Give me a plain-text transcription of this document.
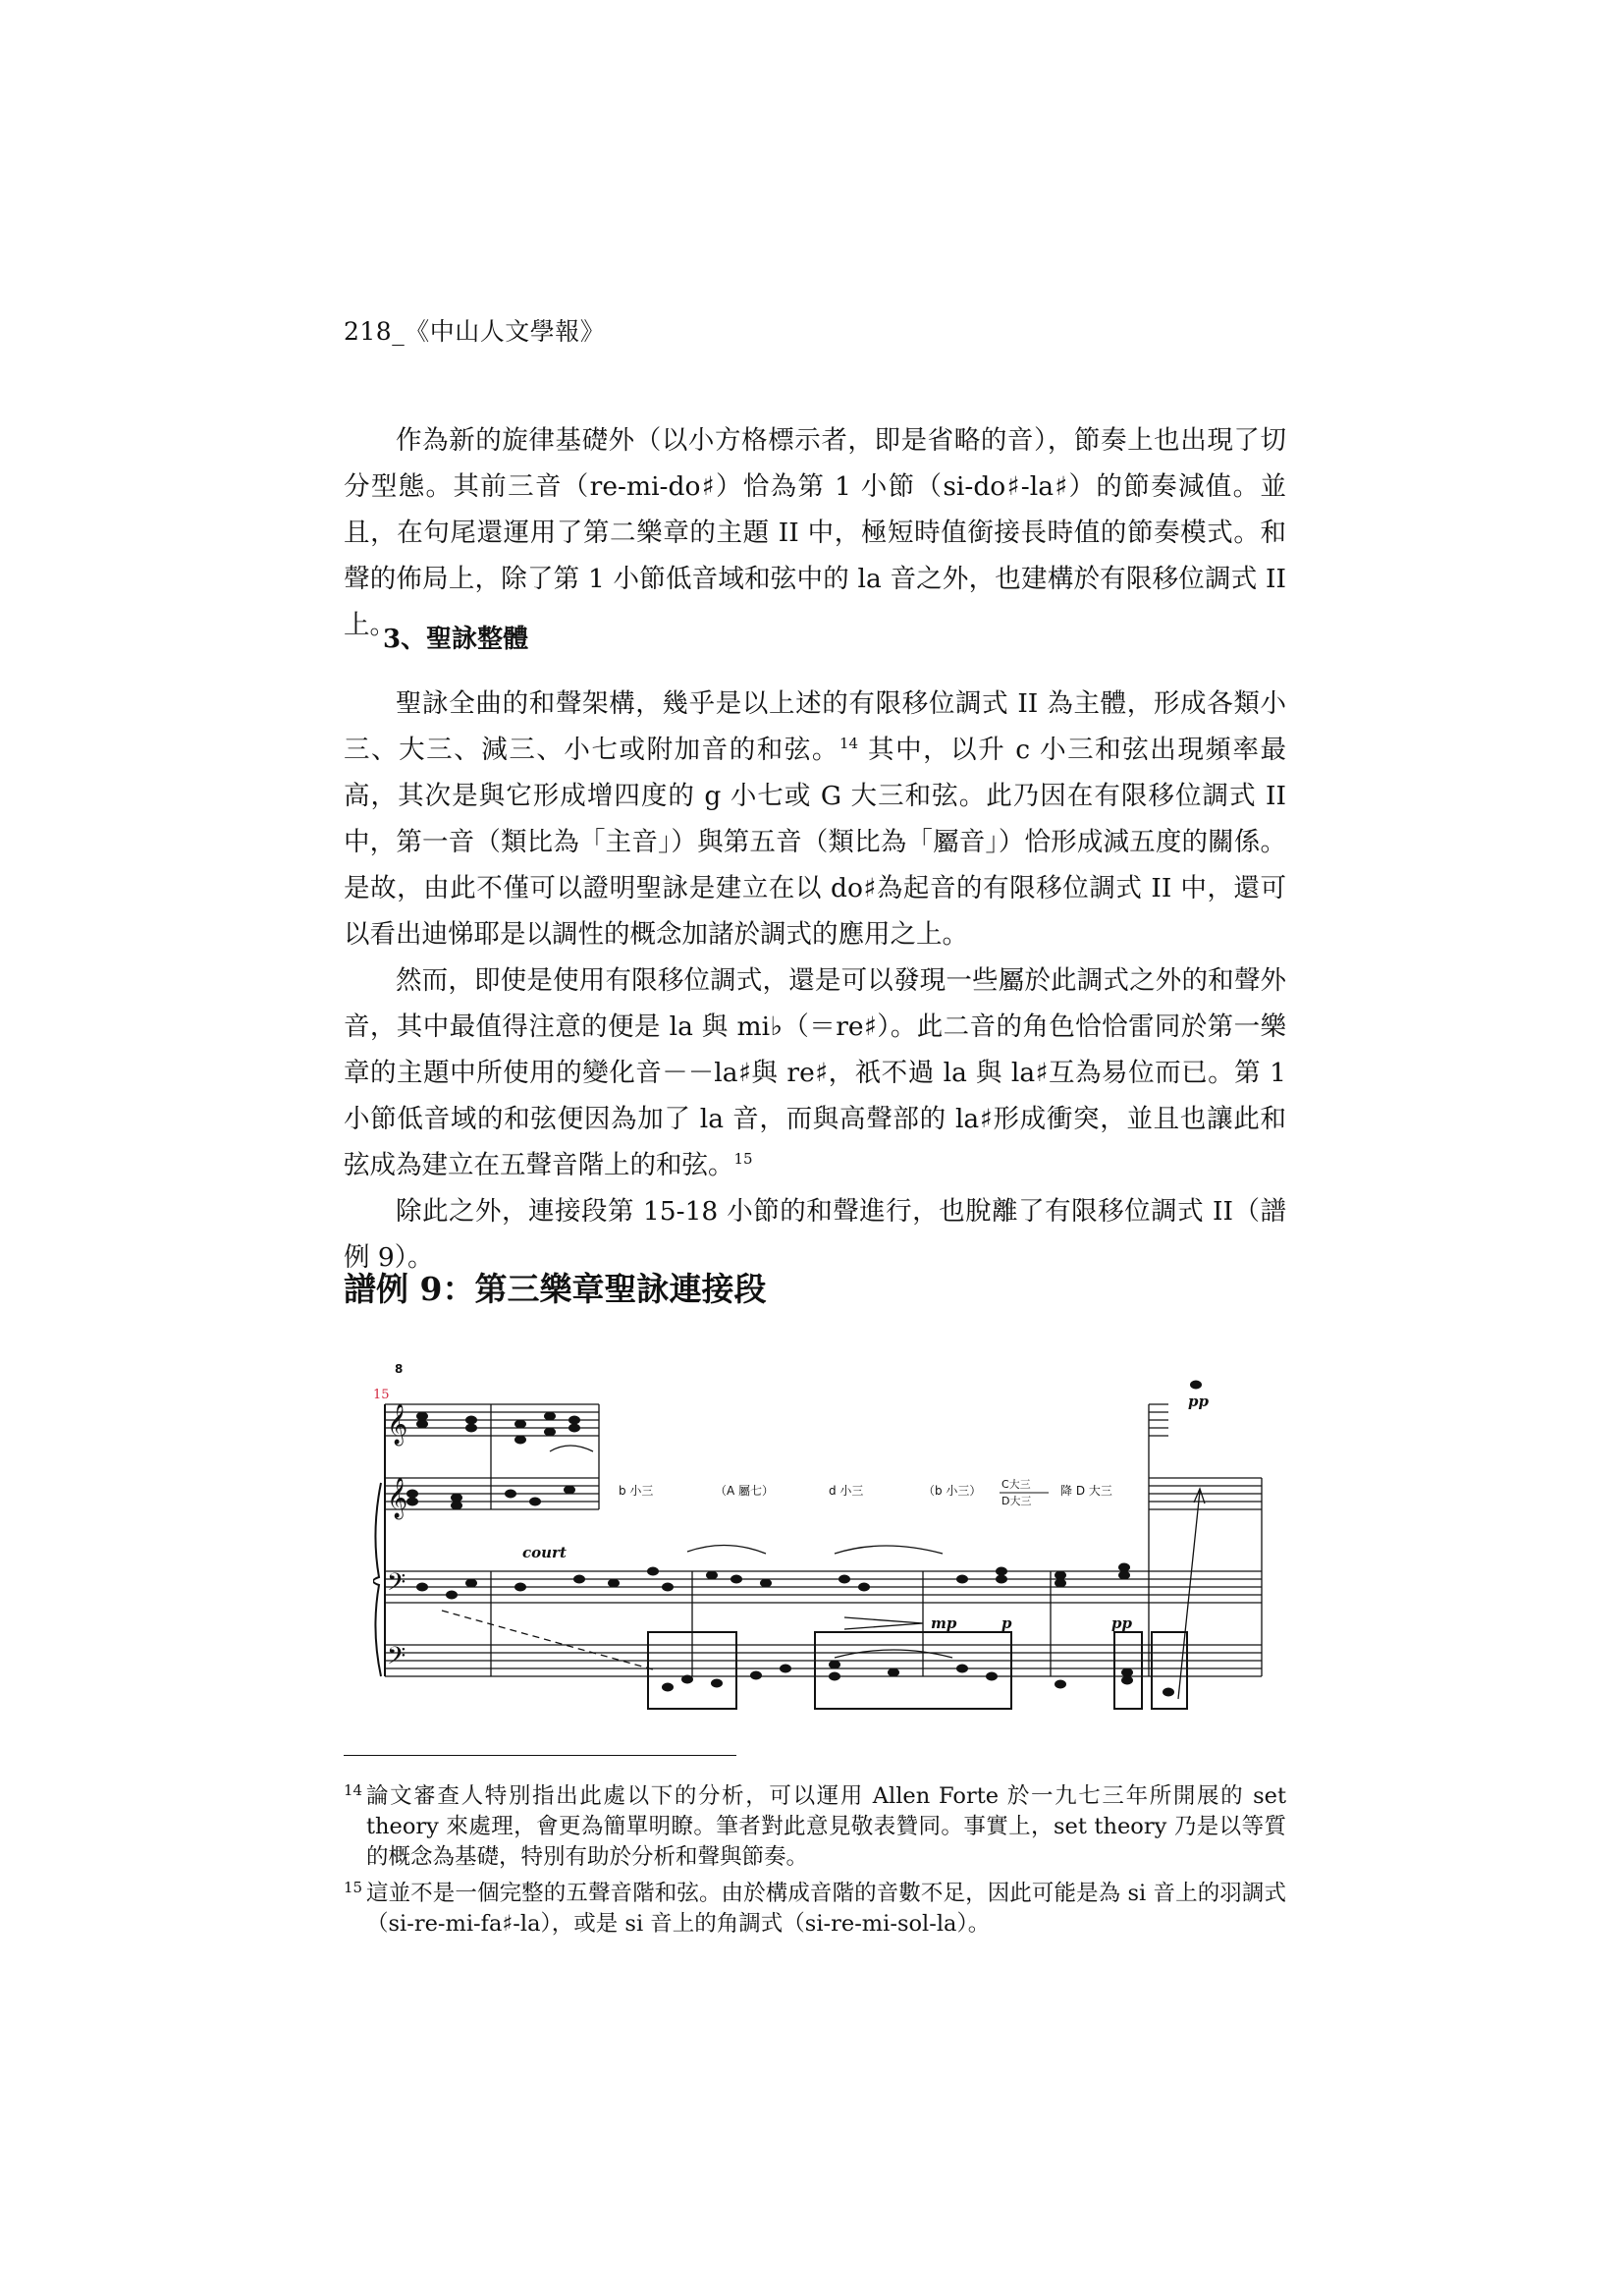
218_《中山人文學報》
作為新的旋律基礎外（以小方格標示者，即是省略的音），節奏上也出現了切分型態。其前三音（re-mi-do♯）恰為第 1 小節（si-do♯-la♯）的節奏減值。並且，在句尾還運用了第二樂章的主題 II 中，極短時值銜接長時值的節奏模式。和聲的佈局上，除了第 1 小節低音域和弦中的 la 音之外，也建構於有限移位調式 II 上。
3、聖詠整體
聖詠全曲的和聲架構，幾乎是以上述的有限移位調式 II 為主體，形成各類小三、大三、減三、小七或附加音的和弦。$^{14}$ 其中，以升 c 小三和弦出現頻率最高，其次是與它形成增四度的 g 小七或 G 大三和弦。此乃因在有限移位調式 II 中，第一音（類比為「主音」）與第五音（類比為「屬音」）恰形成減五度的關係。是故，由此不僅可以證明聖詠是建立在以 do♯為起音的有限移位調式 II 中，還可以看出迪悌耶是以調性的概念加諸於調式的應用之上。
然而，即使是使用有限移位調式，還是可以發現一些屬於此調式之外的和聲外音，其中最值得注意的便是 la 與 mi♭（＝re♯）。此二音的角色恰恰雷同於第一樂章的主題中所使用的變化音－－la♯與 re♯，祇不過 la 與 la♯互為易位而已。第 1 小節低音域的和弦便因為加了 la 音，而與高聲部的 la♯形成衝突，並且也讓此和弦成為建立在五聲音階上的和弦。$^{15}$
除此之外，連接段第 15-18 小節的和聲進行，也脫離了有限移位調式 II（譜例 9）。
譜例 9：第三樂章聖詠連接段
𝄞
𝄞
𝄢
𝄢
8
15
b 小三	（A 屬七）	d 小三	（b 小三） C大三
D大三
降 D 大三
court
mp	p	pp
pp
14 論文審查人特別指出此處以下的分析，可以運用 Allen Forte 於一九七三年所開展的 set theory 來處理，會更為簡單明瞭。筆者對此意見敬表贊同。事實上，set theory 乃是以等質的概念為基礎，特別有助於分析和聲與節奏。
15 這並不是一個完整的五聲音階和弦。由於構成音階的音數不足，因此可能是為 si 音上的羽調式（si-re-mi-fa♯-la），或是 si 音上的角調式（si-re-mi-sol-la）。
